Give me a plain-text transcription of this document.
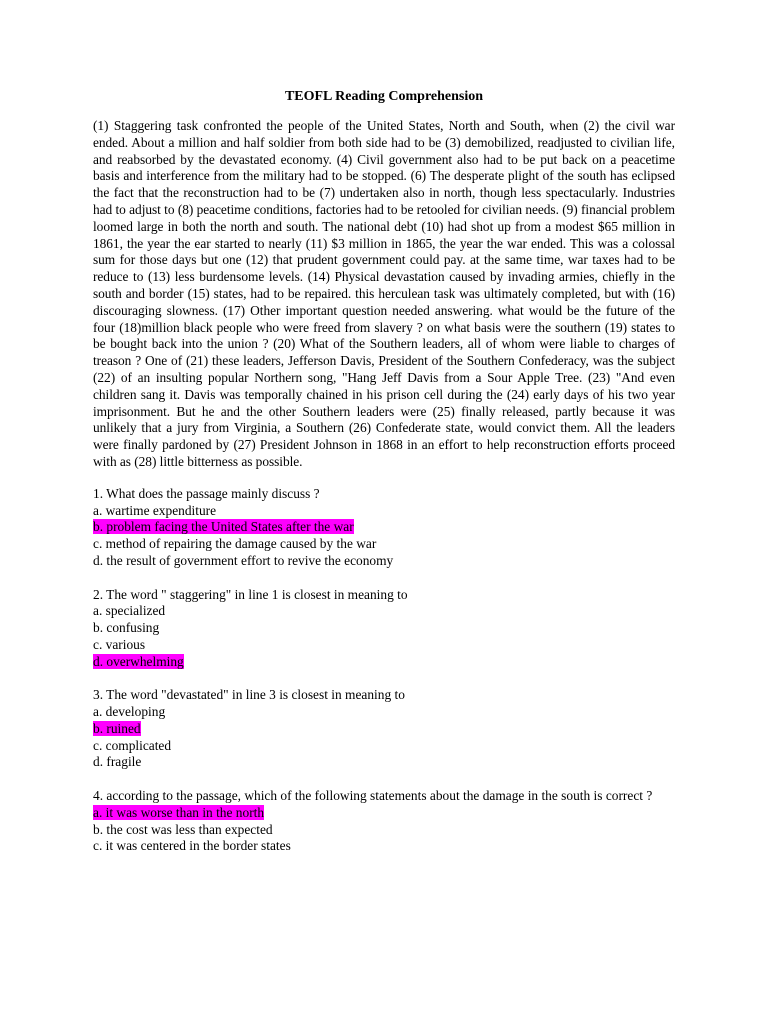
TEOFL Reading Comprehension
(1) Staggering task confronted the people of the United States, North and South, when (2) the civil war ended. About a million and half soldier from both side had to be (3) demobilized, readjusted to civilian life, and reabsorbed by the devastated economy. (4) Civil government also had to be put back on a peacetime basis and interference from the military had to be stopped. (6) The desperate plight of the south has eclipsed the fact that the reconstruction had to be (7) undertaken also in north, though less spectacularly. Industries had to adjust to (8) peacetime conditions, factories had to be retooled for civilian needs. (9) financial problem loomed large in both the north and south. The national debt (10) had shot up from a modest $65 million in 1861, the year the ear started to nearly (11) $3 million in 1865, the year the war ended. This was a colossal sum for those days but one (12) that prudent government could pay. at the same time, war taxes had to be reduce to (13) less burdensome levels. (14) Physical devastation caused by invading armies, chiefly in the south and border (15) states, had to be repaired. this herculean task was ultimately completed, but with (16) discouraging slowness. (17) Other important question needed answering. what would be the future of the four (18)million black people who were freed from slavery ? on what basis were the southern (19) states to be bought back into the union ? (20) What of the Southern leaders, all of whom were liable to charges of treason ? One of (21) these leaders, Jefferson Davis, President of the Southern Confederacy, was the subject (22) of an insulting popular Northern song, "Hang Jeff Davis from a Sour Apple Tree. (23) "And even children sang it. Davis was temporally chained in his prison cell during the (24) early days of his two year imprisonment. But he and the other Southern leaders were (25) finally released, partly because it was unlikely that a jury from Virginia, a Southern (26) Confederate state, would convict them. All the leaders were finally pardoned by (27) President Johnson in 1868 in an effort to help reconstruction efforts proceed with as (28) little bitterness as possible.
1. What does the passage mainly discuss ?
a. wartime expenditure
b. problem facing the United States after the war
c. method of repairing the damage caused by the war
d. the result of government effort to revive the economy
2. The word " staggering" in line 1 is closest in meaning to
a. specialized
b. confusing
c. various
d. overwhelming
3. The word "devastated" in line 3 is closest in meaning to
a. developing
b. ruined
c. complicated
d. fragile
4. according to the passage, which of the following statements about the damage in the south is correct ?
a. it was worse than in the north
b. the cost was less than expected
c. it was centered in the border states
